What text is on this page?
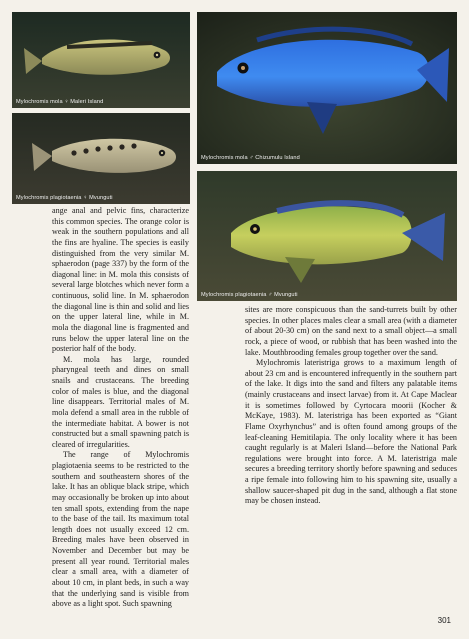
Mylochromis mola ♀ Maleri Island
Mylochromis plagiotaenia ♀ Mvunguti
Mylochromis mola ♂ Chizumulu Island
Mylochromis plagiotaenia ♂ Mvunguti

ange anal and pelvic fins, characterize this common species. The orange color is weak in the southern populations and all the fins are hyaline. The species is easily distinguished from the very similar M. sphaerodon (page 337) by the form of the diagonal line: in M. mola this consists of several large blotches which never form a continuous, solid line. In M. sphaerodon the diagonal line is thin and solid and lies on the upper lateral line, while in M. mola the diagonal line is fragmented and runs below the upper lateral line on the posterior half of the body.

M. mola has large, rounded pharyngeal teeth and dines on small snails and crustaceans. The breeding color of males is blue, and the diagonal line disappears. Territorial males of M. mola defend a small area in the rubble of the intermediate habitat. A bower is not constructed but a small spawning patch is cleared of irregularities.

The range of Mylochromis plagiotaenia seems to be restricted to the southern and southeastern shores of the lake. It has an oblique black stripe, which may occasionally be broken up into about ten small spots, extending from the nape to the base of the tail. Its maximum total length does not usually exceed 12 cm. Breeding males have been observed in November and December but may be present all year round. Territorial males clear a small area, with a diameter of about 10 cm, in plant beds, in such a way that the underlying sand is visible from above as a light spot. Such spawning

sites are more conspicuous than the sand-turrets built by other species. In other places males clear a small area (with a diameter of about 20-30 cm) on the sand next to a small object—a small rock, a piece of wood, or rubbish that has been washed into the lake. Mouthbrooding females group together over the sand.

Mylochromis lateristriga grows to a maximum length of about 23 cm and is encountered infrequently in the southern part of the lake. It digs into the sand and filters any palatable items (mainly crustaceans and insect larvae) from it. At Cape Maclear it is sometimes followed by Cyrtocara moorii (Kocher & McKaye, 1983). M. lateristriga has been exported as “Giant Flame Oxyrhynchus” and is often found among groups of the leaf-cleaning Hemitilapia. The only locality where it has been caught regularly is at Maleri Island—before the National Park regulations were brought into force. A M. lateristriga male secures a breeding territory shortly before spawning and seduces a ripe female into following him to his spawning site, usually a shallow saucer-shaped pit dug in the sand, although a flat stone may be chosen instead.

301
